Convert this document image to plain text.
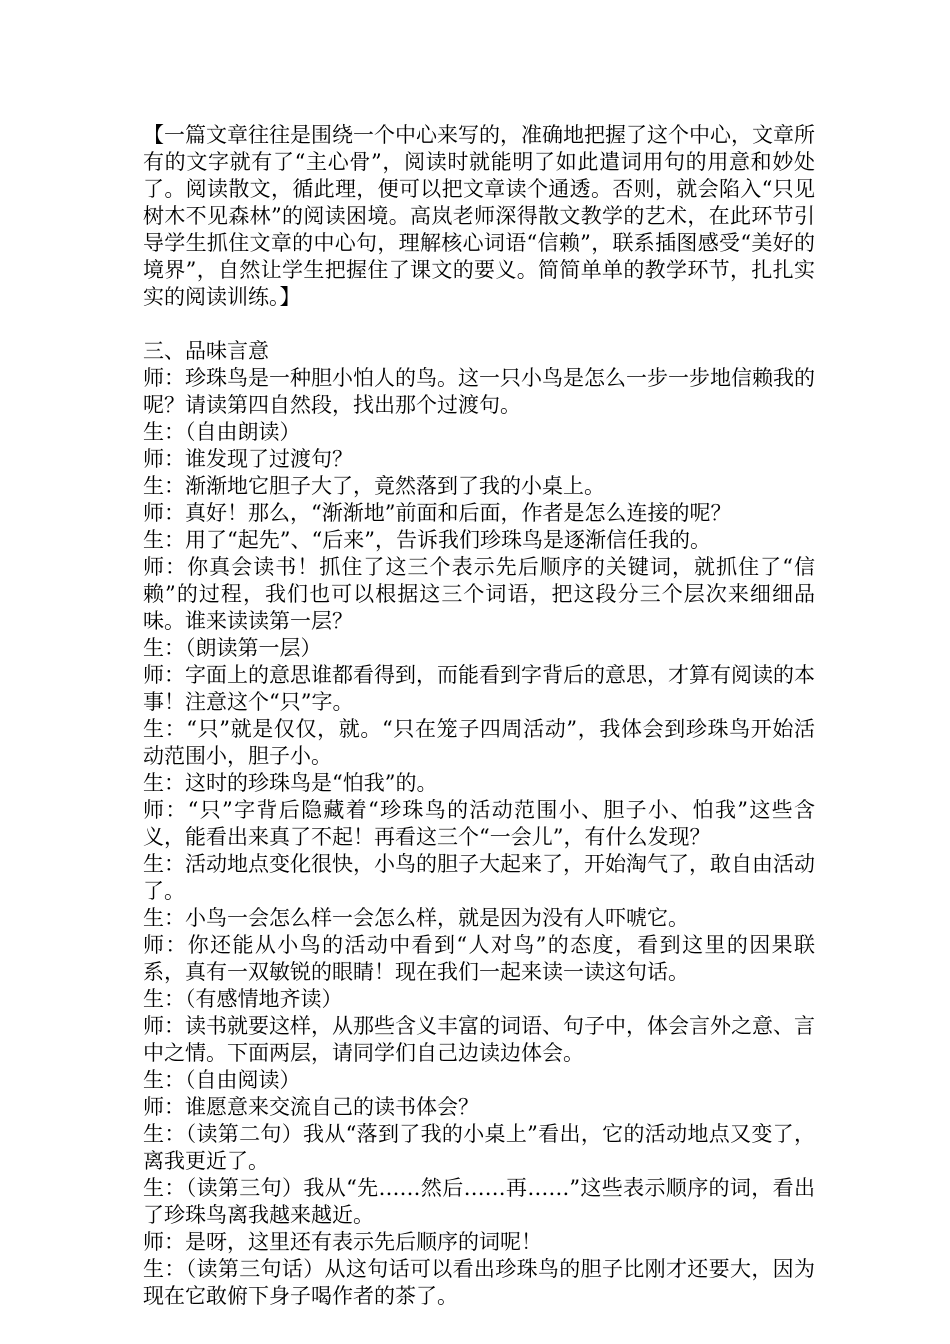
【一篇文章往往是围绕一个中心来写的，准确地把握了这个中心，文章所有的文字就有了“主心骨”，阅读时就能明了如此遣词用句的用意和妙处了。阅读散文，循此理，便可以把文章读个通透。否则，就会陷入“只见树木不见森林”的阅读困境。高岚老师深得散文教学的艺术，在此环节引导学生抓住文章的中心句，理解核心词语“信赖”，联系插图感受“美好的境界”，自然让学生把握住了课文的要义。简简单单的教学环节，扎扎实实的阅读训练。】

三、品味言意

师：珍珠鸟是一种胆小怕人的鸟。这一只小鸟是怎么一步一步地信赖我的呢？请读第四自然段，找出那个过渡句。

生：（自由朗读）

师：谁发现了过渡句？

生：渐渐地它胆子大了，竟然落到了我的小桌上。

师：真好！那么，“渐渐地”前面和后面，作者是怎么连接的呢？

生：用了“起先”、“后来”，告诉我们珍珠鸟是逐渐信任我的。

师：你真会读书！抓住了这三个表示先后顺序的关键词，就抓住了“信赖”的过程，我们也可以根据这三个词语，把这段分三个层次来细细品味。谁来读读第一层？

生：（朗读第一层）

师：字面上的意思谁都看得到，而能看到字背后的意思，才算有阅读的本事！注意这个“只”字。

生：“只”就是仅仅，就。“只在笼子四周活动”，我体会到珍珠鸟开始活动范围小，胆子小。

生：这时的珍珠鸟是“怕我”的。

师：“只”字背后隐藏着“珍珠鸟的活动范围小、胆子小、怕我”这些含义，能看出来真了不起！再看这三个“一会儿”，有什么发现？

生：活动地点变化很快，小鸟的胆子大起来了，开始淘气了，敢自由活动了。

生：小鸟一会怎么样一会怎么样，就是因为没有人吓唬它。

师：你还能从小鸟的活动中看到“人对鸟”的态度，看到这里的因果联系，真有一双敏锐的眼睛！现在我们一起来读一读这句话。

生：（有感情地齐读）

师：读书就要这样，从那些含义丰富的词语、句子中，体会言外之意、言中之情。下面两层，请同学们自己边读边体会。

生：（自由阅读）

师：谁愿意来交流自己的读书体会？

生：（读第二句）我从“落到了我的小桌上”看出，它的活动地点又变了，离我更近了。

生：（读第三句）我从“先……然后……再……”这些表示顺序的词，看出了珍珠鸟离我越来越近。

师：是呀，这里还有表示先后顺序的词呢！

生：（读第三句话）从这句话可以看出珍珠鸟的胆子比刚才还要大，因为现在它敢俯下身子喝作者的茶了。
